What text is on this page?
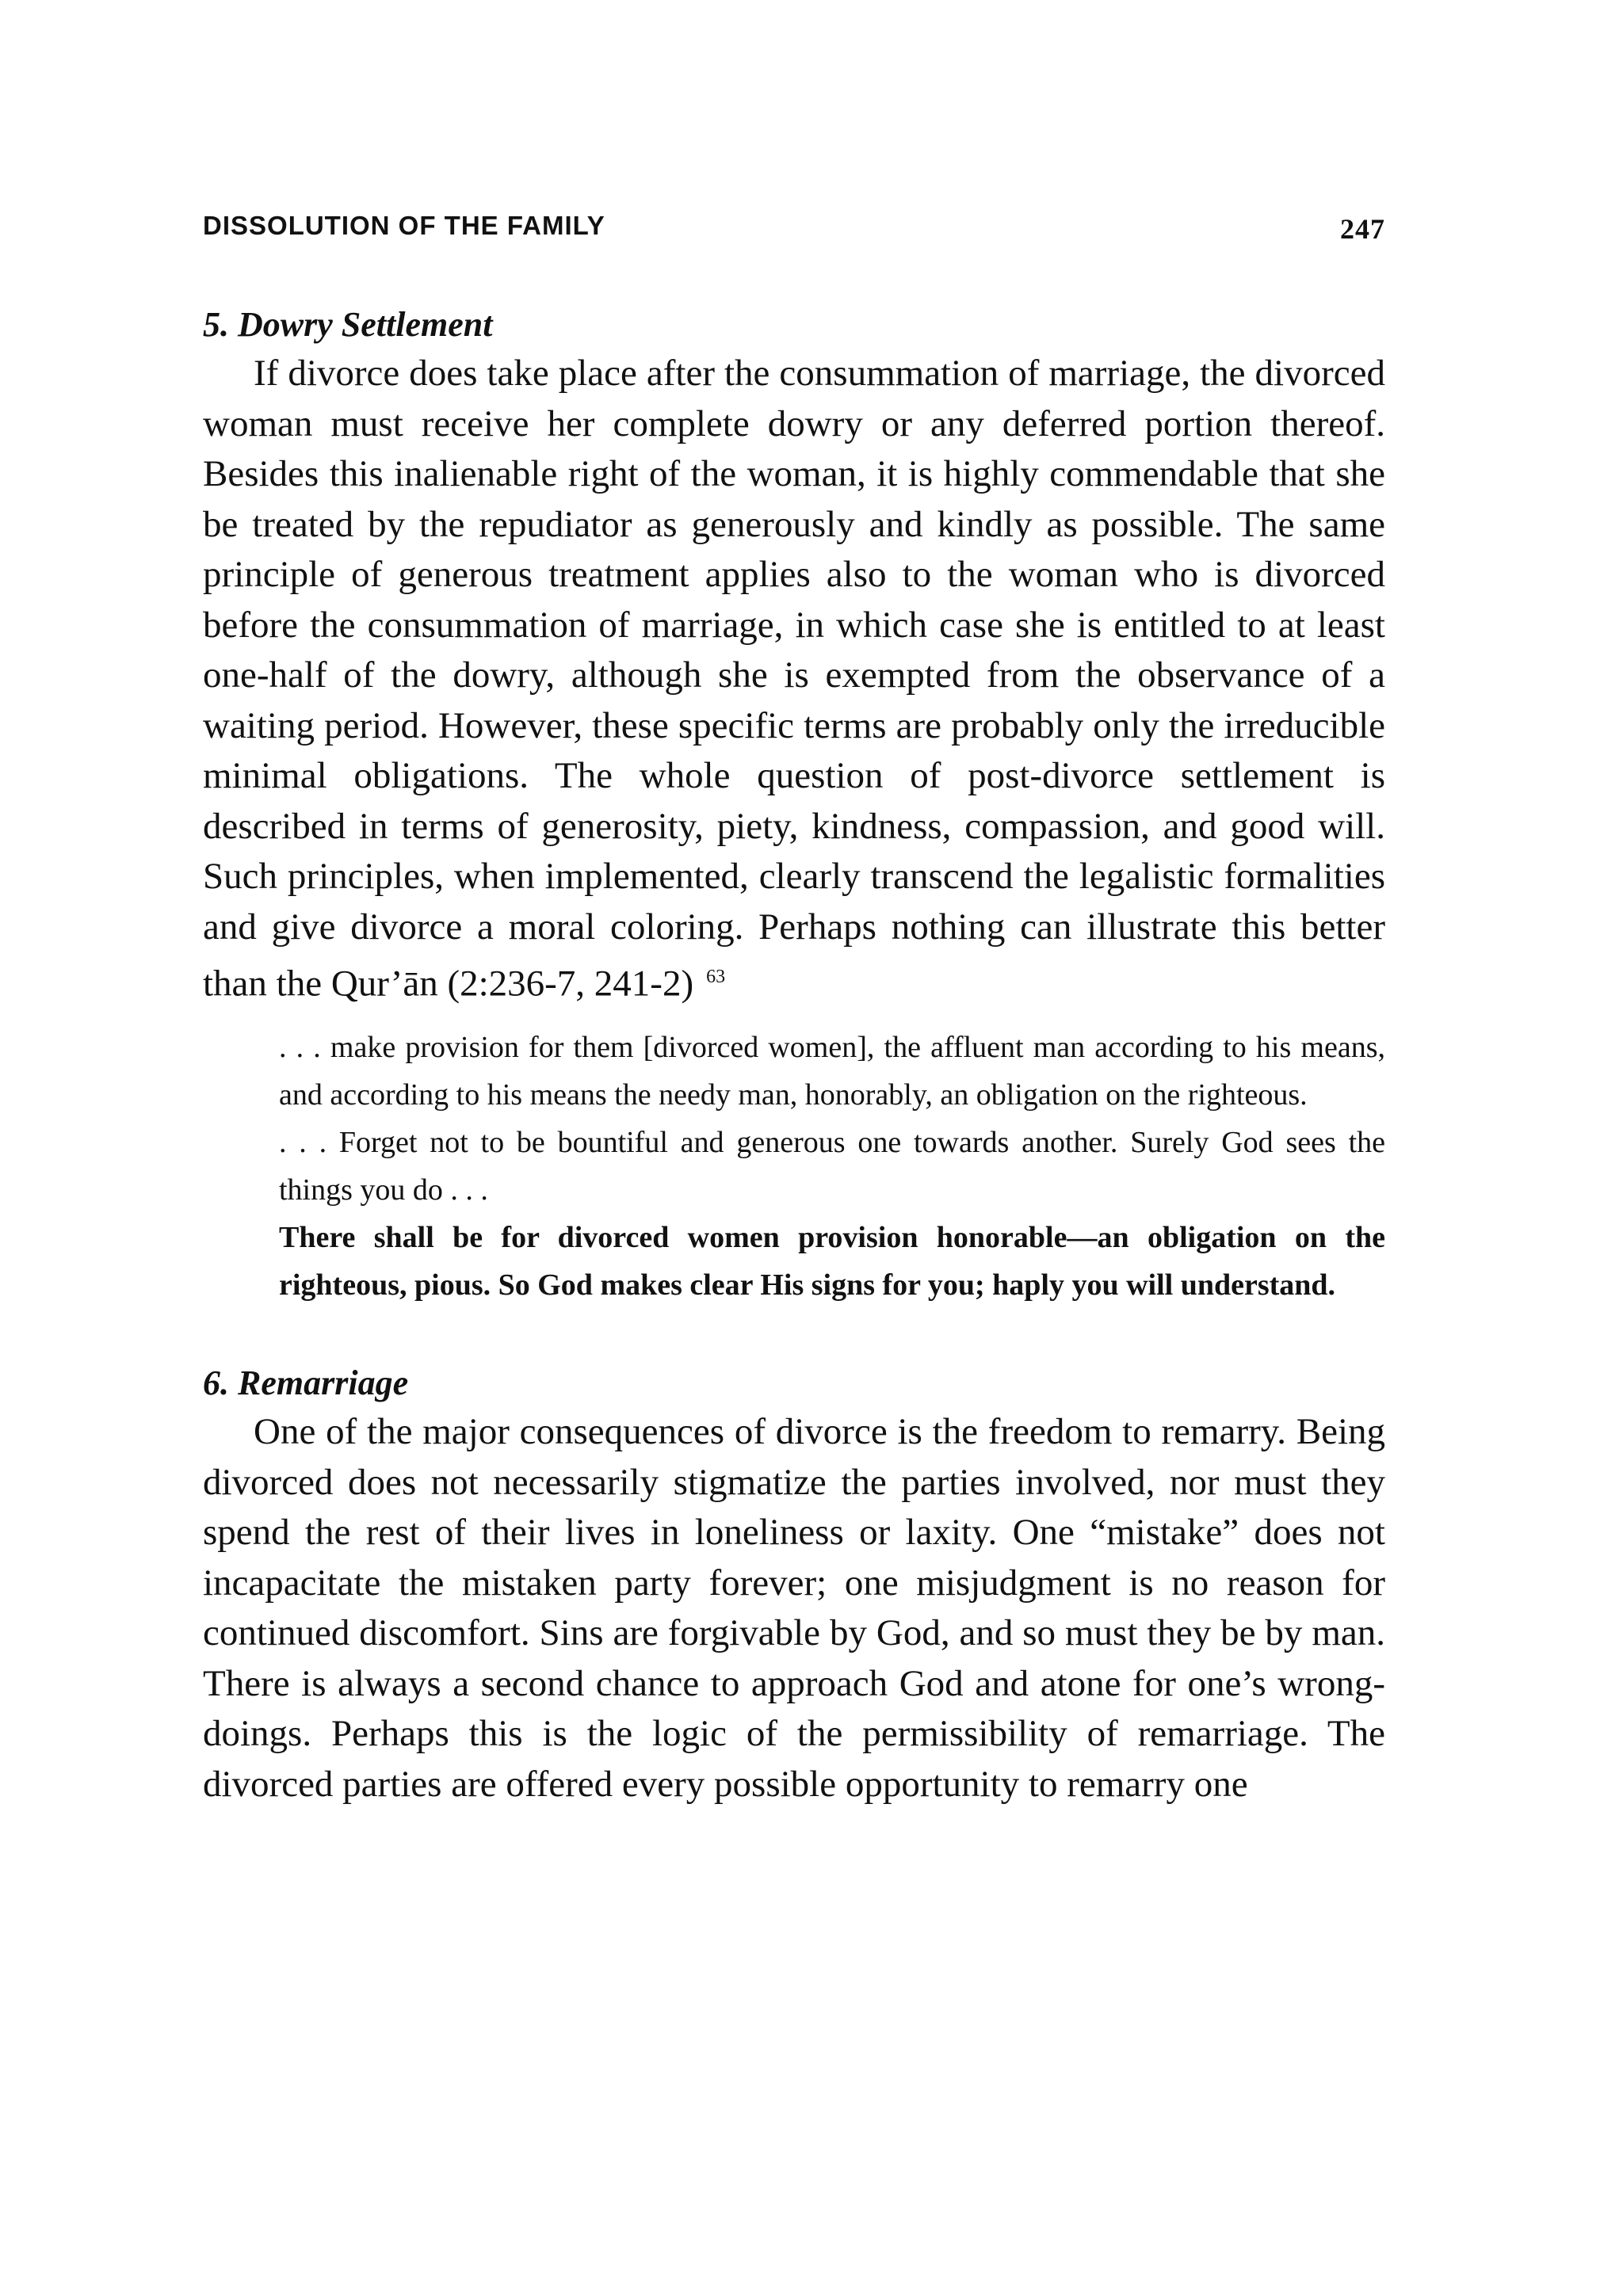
DISSOLUTION OF THE FAMILY	247
5. Dowry Settlement

If divorce does take place after the consummation of marriage, the divorced woman must receive her complete dowry or any deferred portion thereof. Besides this inalienable right of the woman, it is highly commendable that she be treated by the repudiator as generously and kindly as possible. The same principle of generous treatment applies also to the woman who is divorced before the consummation of marriage, in which case she is entitled to at least one-half of the dowry, although she is exempted from the observance of a waiting period. However, these specific terms are probably only the irreducible minimal obligations. The whole question of post-divorce settlement is described in terms of generosity, piety, kindness, compassion, and good will. Such principles, when implemented, clearly transcend the legalistic formalities and give divorce a moral coloring. Perhaps nothing can illustrate this better than the Qur’ān (2:236-7, 241-2) $^{63}$

. . . make provision for them [divorced women], the affluent man according to his means, and according to his means the needy man, honorably, an obligation on the righteous.

. . . Forget not to be bountiful and generous one towards another. Surely God sees the things you do . . .

There shall be for divorced women provision honorable—an obligation on the righteous, pious. So God makes clear His signs for you; haply you will understand.

6. Remarriage

One of the major consequences of divorce is the freedom to remarry. Being divorced does not necessarily stigmatize the parties involved, nor must they spend the rest of their lives in loneliness or laxity. One “mistake” does not incapacitate the mistaken party forever; one misjudgment is no reason for continued discomfort. Sins are forgivable by God, and so must they be by man. There is always a second chance to approach God and atone for one’s wrong-doings. Perhaps this is the logic of the permissibility of remarriage. The divorced parties are offered every possible opportunity to remarry one
